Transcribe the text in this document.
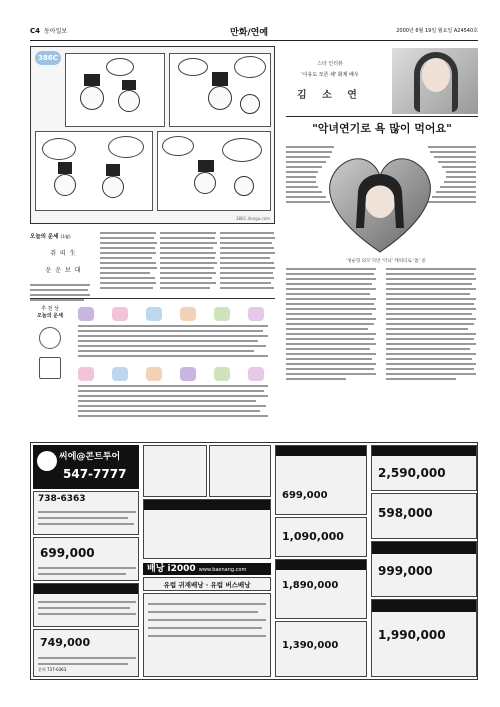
C4 동아일보	만화/연예	2000년 6월 19일 월요일 A24540호
386C
386C.donga.com
오늘의 운세 (1월)
쥐 띠 生
운 운 보 대
추 천 상
오늘의 운세
스타 인터뷰
'이유도 모른 채' 화제 배우
김 소 연
"악녀연기로 욕 많이 먹어요"
'청순형 외모'지만 '악녀' 캐릭터로 '톱' 중
씨에@콘트투어
547-7777
738-6363
699,000
749,000
문의 737-6363
배낭 i2000 www.baenang.com
유럽 귀재배낭 · 유럽 버스배낭
699,000
1,090,000
1,890,000
1,390,000
2,590,000
598,000
999,000
1,990,000
